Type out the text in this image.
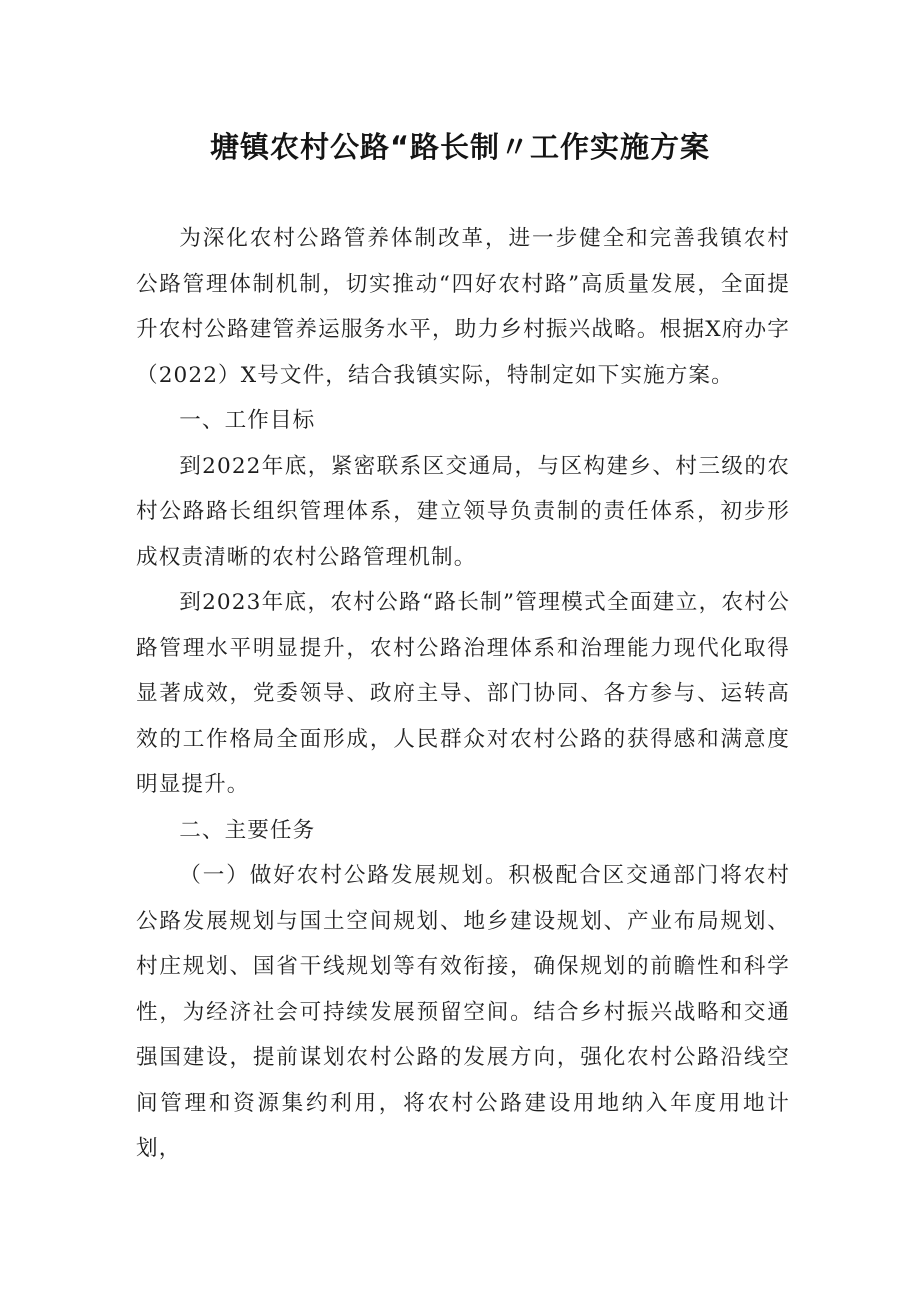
塘镇农村公路“路长制〃工作实施方案

为深化农村公路管养体制改革，进一步健全和完善我镇农村公路管理体制机制，切实推动“四好农村路”高质量发展，全面提升农村公路建管养运服务水平，助力乡村振兴战略。根据X府办字（2022）X号文件，结合我镇实际，特制定如下实施方案。

一、工作目标

到2022年底，紧密联系区交通局，与区构建乡、村三级的农村公路路长组织管理体系，建立领导负责制的责任体系，初步形成权责清晰的农村公路管理机制。

到2023年底，农村公路“路长制”管理模式全面建立，农村公路管理水平明显提升，农村公路治理体系和治理能力现代化取得显著成效，党委领导、政府主导、部门协同、各方参与、运转高效的工作格局全面形成，人民群众对农村公路的获得感和满意度明显提升。

二、主要任务

（一）做好农村公路发展规划。积极配合区交通部门将农村公路发展规划与国土空间规划、地乡建设规划、产业布局规划、村庄规划、国省干线规划等有效衔接，确保规划的前瞻性和科学性，为经济社会可持续发展预留空间。结合乡村振兴战略和交通强国建设，提前谋划农村公路的发展方向，强化农村公路沿线空间管理和资源集约利用，将农村公路建设用地纳入年度用地计划，
